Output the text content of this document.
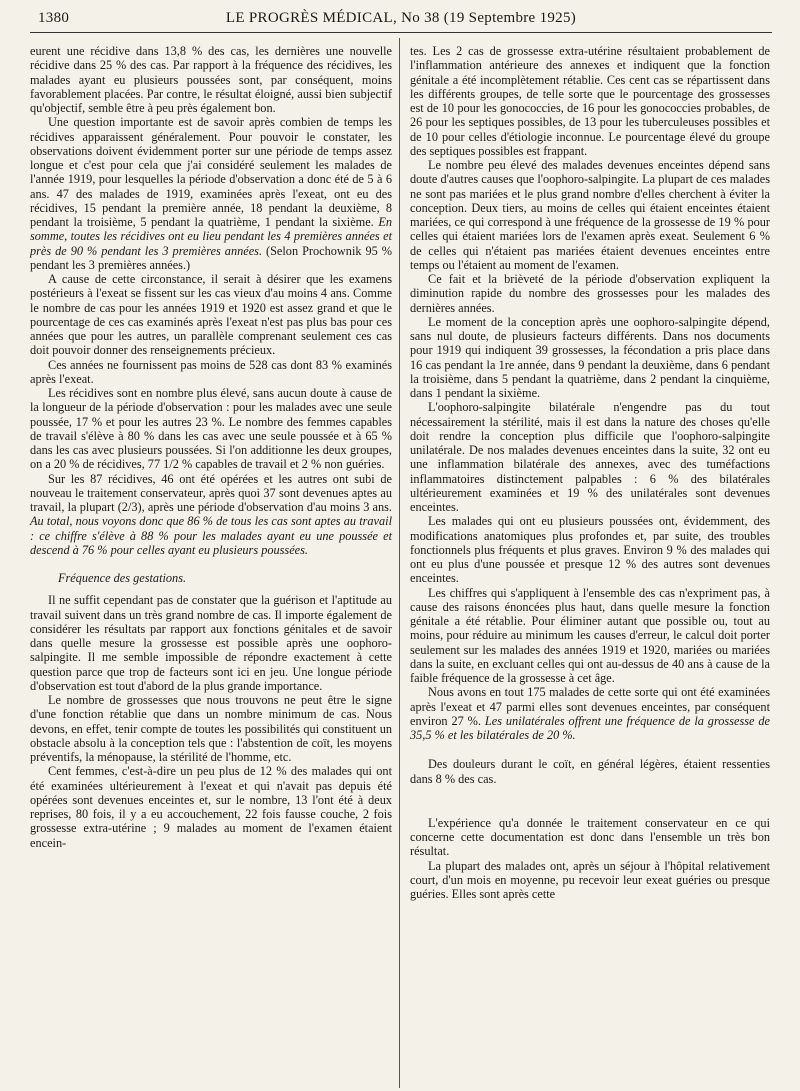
1380	LE PROGRÈS MÉDICAL, No 38 (19 Septembre 1925)

eurent une récidive dans 13,8 % des cas, les dernières une nouvelle récidive dans 25 % des cas. Par rapport à la fréquence des récidives, les malades ayant eu plusieurs poussées sont, par conséquent, moins favorablement placées. Par contre, le résultat éloigné, aussi bien subjectif qu'objectif, semble être à peu près également bon.

Une question importante est de savoir après combien de temps les récidives apparaissent généralement. Pour pouvoir le constater, les observations doivent évidemment porter sur une période de temps assez longue et c'est pour cela que j'ai considéré seulement les malades de l'année 1919, pour lesquelles la période d'observation a donc été de 5 à 6 ans. 47 des malades de 1919, examinées après l'exeat, ont eu des récidives, 15 pendant la première année, 18 pendant la deuxième, 8 pendant la troisième, 5 pendant la quatrième, 1 pendant la sixième. En somme, toutes les récidives ont eu lieu pendant les 4 premières années et près de 90 % pendant les 3 premières années. (Selon Prochownik 95 % pendant les 3 premières années.)

A cause de cette circonstance, il serait à désirer que les examens postérieurs à l'exeat se fissent sur les cas vieux d'au moins 4 ans. Comme le nombre de cas pour les années 1919 et 1920 est assez grand et que le pourcentage de ces cas examinés après l'exeat n'est pas plus bas pour ces années que pour les autres, un parallèle comprenant seulement ces cas doit pouvoir donner des renseignements précieux.

Ces années ne fournissent pas moins de 528 cas dont 83 % examinés après l'exeat.

Les récidives sont en nombre plus élevé, sans aucun doute à cause de la longueur de la période d'observation : pour les malades avec une seule poussée, 17 % et pour les autres 23 %. Le nombre des femmes capables de travail s'élève à 80 % dans les cas avec une seule poussée et à 65 % dans les cas avec plusieurs poussées. Si l'on additionne les deux groupes, on a 20 % de récidives, 77 1/2 % capables de travail et 2 % non guéries.

Sur les 87 récidives, 46 ont été opérées et les autres ont subi de nouveau le traitement conservateur, après quoi 37 sont devenues aptes au travail, la plupart (2/3), après une période d'observation d'au moins 3 ans. Au total, nous voyons donc que 86 % de tous les cas sont aptes au travail : ce chiffre s'élève à 88 % pour les malades ayant eu une poussée et descend à 76 % pour celles ayant eu plusieurs poussées.

Fréquence des gestations.

Il ne suffit cependant pas de constater que la guérison et l'aptitude au travail suivent dans un très grand nombre de cas. Il importe également de considérer les résultats par rapport aux fonctions génitales et de savoir dans quelle mesure la grossesse est possible après une oophoro-salpingite. Il me semble impossible de répondre exactement à cette question parce que trop de facteurs sont ici en jeu. Une longue période d'observation est tout d'abord de la plus grande importance.

Le nombre de grossesses que nous trouvons ne peut être le signe d'une fonction rétablie que dans un nombre minimum de cas. Nous devons, en effet, tenir compte de toutes les possibilités qui constituent un obstacle absolu à la conception tels que : l'abstention de coït, les moyens préventifs, la ménopause, la stérilité de l'homme, etc.

Cent femmes, c'est-à-dire un peu plus de 12 % des malades qui ont été examinées ultérieurement à l'exeat et qui n'avait pas depuis été opérées sont devenues enceintes et, sur le nombre, 13 l'ont été à deux reprises, 80 fois, il y a eu accouchement, 22 fois fausse couche, 2 fois grossesse extra-utérine ; 9 malades au moment de l'examen étaient encein-

tes. Les 2 cas de grossesse extra-utérine résultaient probablement de l'inflammation antérieure des annexes et indiquent que la fonction génitale a été incomplètement rétablie. Ces cent cas se répartissent dans les différents groupes, de telle sorte que le pourcentage des grossesses est de 10 pour les gonococcies, de 16 pour les gonococcies probables, de 26 pour les septiques possibles, de 13 pour les tuberculeuses possibles et de 10 pour celles d'étiologie inconnue. Le pourcentage élevé du groupe des septiques possibles est frappant.

Le nombre peu élevé des malades devenues enceintes dépend sans doute d'autres causes que l'oophoro-salpingite. La plupart de ces malades ne sont pas mariées et le plus grand nombre d'elles cherchent à éviter la conception. Deux tiers, au moins de celles qui étaient enceintes étaient mariées, ce qui correspond à une fréquence de la grossesse de 19 % pour celles qui étaient mariées lors de l'examen après exeat. Seulement 6 % de celles qui n'étaient pas mariées étaient devenues enceintes entre temps ou l'étaient au moment de l'examen.

Ce fait et la brièveté de la période d'observation expliquent la diminution rapide du nombre des grossesses pour les malades des dernières années.

Le moment de la conception après une oophoro-salpingite dépend, sans nul doute, de plusieurs facteurs différents. Dans nos documents pour 1919 qui indiquent 39 grossesses, la fécondation a pris place dans 16 cas pendant la 1re année, dans 9 pendant la deuxième, dans 6 pendant la troisième, dans 5 pendant la quatrième, dans 2 pendant la cinquième, dans 1 pendant la sixième.

L'oophoro-salpingite bilatérale n'engendre pas du tout nécessairement la stérilité, mais il est dans la nature des choses qu'elle doit rendre la conception plus difficile que l'oophoro-salpingite unilatérale. De nos malades devenues enceintes dans la suite, 32 ont eu une inflammation bilatérale des annexes, avec des tuméfactions inflammatoires distinctement palpables : 6 % des bilatérales ultérieurement examinées et 19 % des unilatérales sont devenues enceintes.

Les malades qui ont eu plusieurs poussées ont, évidemment, des modifications anatomiques plus profondes et, par suite, des troubles fonctionnels plus fréquents et plus graves. Environ 9 % des malades qui ont eu plus d'une poussée et presque 12 % des autres sont devenues enceintes.

Les chiffres qui s'appliquent à l'ensemble des cas n'expriment pas, à cause des raisons énoncées plus haut, dans quelle mesure la fonction génitale a été rétablie. Pour éliminer autant que possible ou, tout au moins, pour réduire au minimum les causes d'erreur, le calcul doit porter seulement sur les malades des années 1919 et 1920, mariées ou mariées dans la suite, en excluant celles qui ont au-dessus de 40 ans à cause de la faible fréquence de la grossesse à cet âge.

Nous avons en tout 175 malades de cette sorte qui ont été examinées après l'exeat et 47 parmi elles sont devenues enceintes, par conséquent environ 27 %. Les unilatérales offrent une fréquence de la grossesse de 35,5 % et les bilatérales de 20 %.

Des douleurs durant le coït, en général légères, étaient ressenties dans 8 % des cas.

L'expérience qu'a donnée le traitement conservateur en ce qui concerne cette documentation est donc dans l'ensemble un très bon résultat.

La plupart des malades ont, après un séjour à l'hôpital relativement court, d'un mois en moyenne, pu recevoir leur exeat guéries ou presque guéries. Elles sont après cette
